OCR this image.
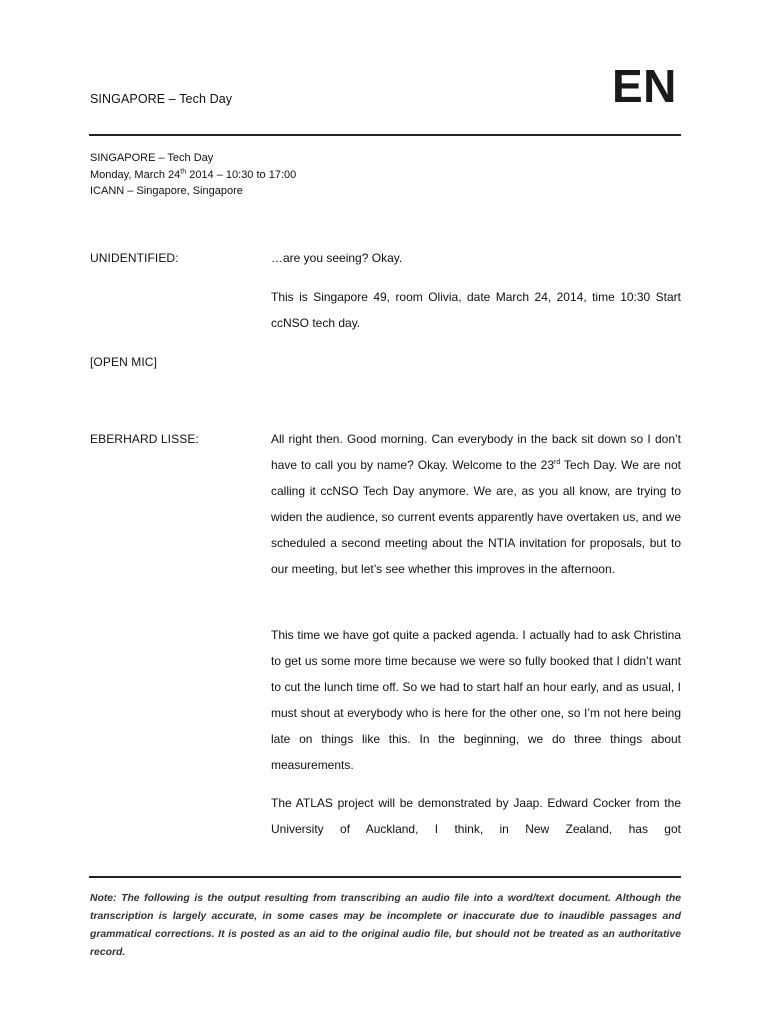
SINGAPORE – Tech Day	EN
SINGAPORE – Tech Day
Monday, March 24th 2014 – 10:30 to 17:00
ICANN – Singapore, Singapore
UNIDENTIFIED:	…are you seeing? Okay.
This is Singapore 49, room Olivia, date March 24, 2014, time 10:30 Start ccNSO tech day.
[OPEN MIC]
EBERHARD LISSE:	All right then. Good morning. Can everybody in the back sit down so I don’t have to call you by name? Okay. Welcome to the 23rd Tech Day. We are not calling it ccNSO Tech Day anymore. We are, as you all know, are trying to widen the audience, so current events apparently have overtaken us, and we scheduled a second meeting about the NTIA invitation for proposals, but to our meeting, but let’s see whether this improves in the afternoon.
This time we have got quite a packed agenda. I actually had to ask Christina to get us some more time because we were so fully booked that I didn’t want to cut the lunch time off. So we had to start half an hour early, and as usual, I must shout at everybody who is here for the other one, so I’m not here being late on things like this. In the beginning, we do three things about measurements.
The ATLAS project will be demonstrated by Jaap. Edward Cocker from the University of Auckland, I think, in New Zealand, has got
Note: The following is the output resulting from transcribing an audio file into a word/text document. Although the transcription is largely accurate, in some cases may be incomplete or inaccurate due to inaudible passages and grammatical corrections. It is posted as an aid to the original audio file, but should not be treated as an authoritative record.
